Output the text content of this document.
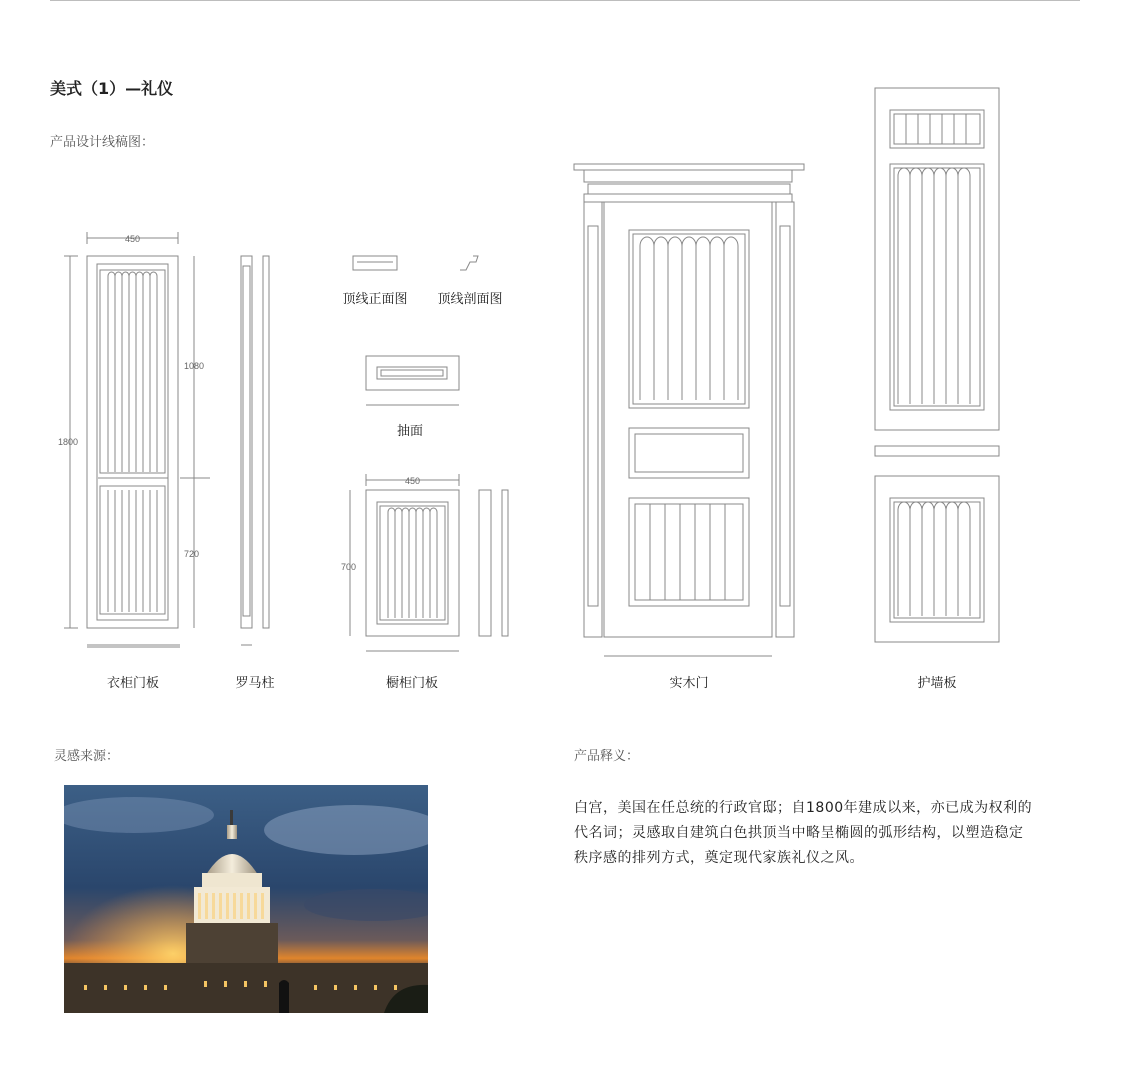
美式（1）—礼仪
产品设计线稿图：
450
1800
1080
720
450
700
衣柜门板	罗马柱
顶线正面图	顶线剖面图
抽面
橱柜门板	实木门	护墙板
灵感来源：	产品释义：
白宫，美国在任总统的行政官邸；自1800年建成以来，亦已成为权利的代名词；灵感取自建筑白色拱顶当中略呈椭圆的弧形结构，以塑造稳定秩序感的排列方式，奠定现代家族礼仪之风。
